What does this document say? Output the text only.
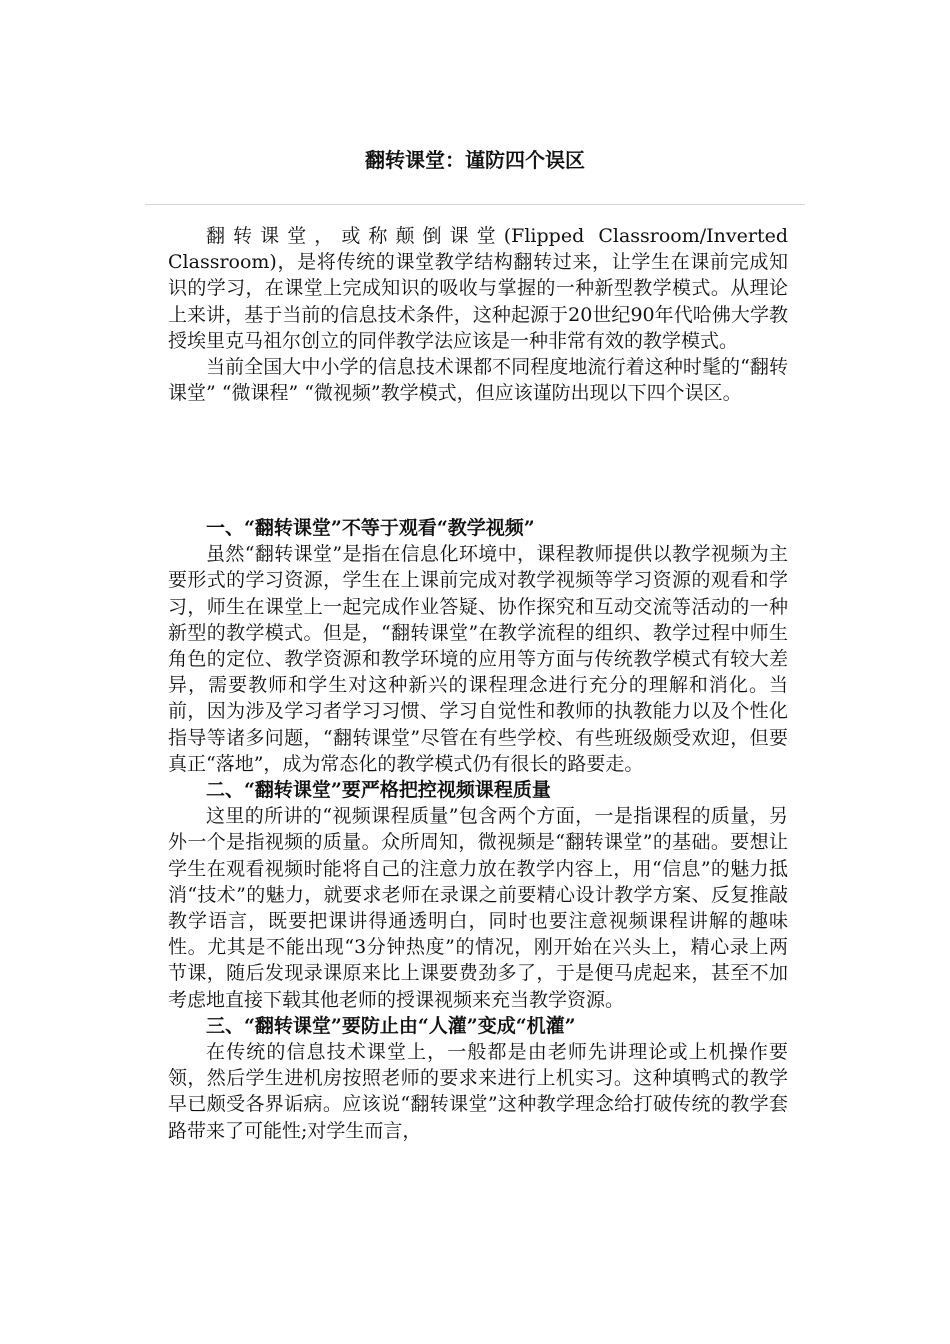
翻转课堂：谨防四个误区

翻转课堂，或称颠倒课堂(Flipped Classroom/Inverted Classroom)，是将传统的课堂教学结构翻转过来，让学生在课前完成知识的学习，在课堂上完成知识的吸收与掌握的一种新型教学模式。从理论上来讲，基于当前的信息技术条件，这种起源于20世纪90年代哈佛大学教授埃里克马祖尔创立的同伴教学法应该是一种非常有效的教学模式。

当前全国大中小学的信息技术课都不同程度地流行着这种时髦的“翻转课堂” “微课程” “微视频”教学模式，但应该谨防出现以下四个误区。

一、“翻转课堂”不等于观看“教学视频”

虽然“翻转课堂”是指在信息化环境中，课程教师提供以教学视频为主要形式的学习资源，学生在上课前完成对教学视频等学习资源的观看和学习，师生在课堂上一起完成作业答疑、协作探究和互动交流等活动的一种新型的教学模式。但是，“翻转课堂”在教学流程的组织、教学过程中师生角色的定位、教学资源和教学环境的应用等方面与传统教学模式有较大差异，需要教师和学生对这种新兴的课程理念进行充分的理解和消化。当前，因为涉及学习者学习习惯、学习自觉性和教师的执教能力以及个性化指导等诸多问题，“翻转课堂”尽管在有些学校、有些班级颇受欢迎，但要真正“落地”，成为常态化的教学模式仍有很长的路要走。

二、“翻转课堂”要严格把控视频课程质量

这里的所讲的“视频课程质量”包含两个方面，一是指课程的质量，另外一个是指视频的质量。众所周知，微视频是“翻转课堂”的基础。要想让学生在观看视频时能将自己的注意力放在教学内容上，用“信息”的魅力抵消“技术”的魅力，就要求老师在录课之前要精心设计教学方案、反复推敲教学语言，既要把课讲得通透明白，同时也要注意视频课程讲解的趣味性。尤其是不能出现“3分钟热度”的情况，刚开始在兴头上，精心录上两节课，随后发现录课原来比上课要费劲多了，于是便马虎起来，甚至不加考虑地直接下载其他老师的授课视频来充当教学资源。

三、“翻转课堂”要防止由“人灌”变成“机灌”

在传统的信息技术课堂上，一般都是由老师先讲理论或上机操作要领，然后学生进机房按照老师的要求来进行上机实习。这种填鸭式的教学早已颇受各界诟病。应该说“翻转课堂”这种教学理念给打破传统的教学套路带来了可能性;对学生而言，
